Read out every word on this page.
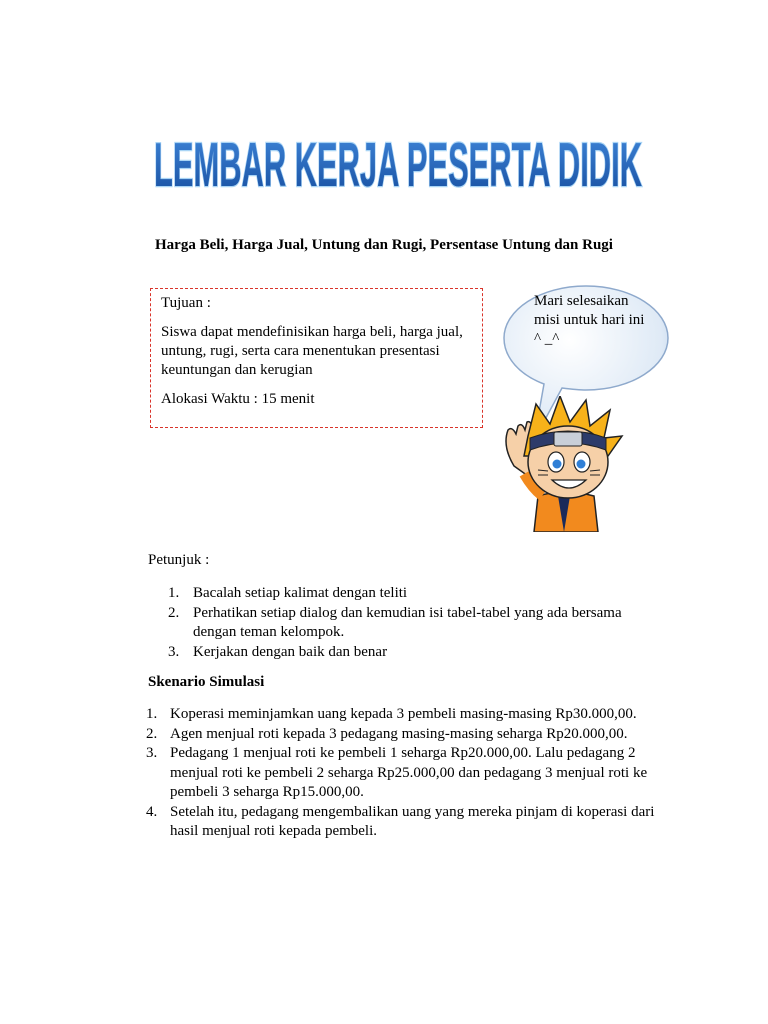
LEMBAR KERJA PESERTA DIDIK
Harga Beli, Harga Jual, Untung dan Rugi, Persentase Untung dan Rugi

Tujuan :

Siswa dapat mendefinisikan harga beli, harga jual, untung, rugi, serta cara menentukan presentasi keuntungan dan kerugian

Alokasi Waktu : 15 menit

Mari selesaikan misi untuk hari ini ^ _^
Petunjuk :
1. Bacalah setiap kalimat dengan teliti
2. Perhatikan setiap dialog dan kemudian isi tabel-tabel yang ada bersama dengan teman kelompok.
3. Kerjakan dengan baik dan benar
Skenario Simulasi
1. Koperasi meminjamkan uang kepada 3 pembeli masing-masing Rp30.000,00.
2. Agen menjual roti kepada 3 pedagang masing-masing seharga Rp20.000,00.
3. Pedagang 1 menjual roti ke pembeli 1 seharga Rp20.000,00. Lalu pedagang 2 menjual roti ke pembeli 2 seharga Rp25.000,00 dan pedagang 3 menjual roti ke pembeli 3 seharga Rp15.000,00.
4. Setelah itu, pedagang mengembalikan uang yang mereka pinjam di koperasi dari hasil menjual roti kepada pembeli.
